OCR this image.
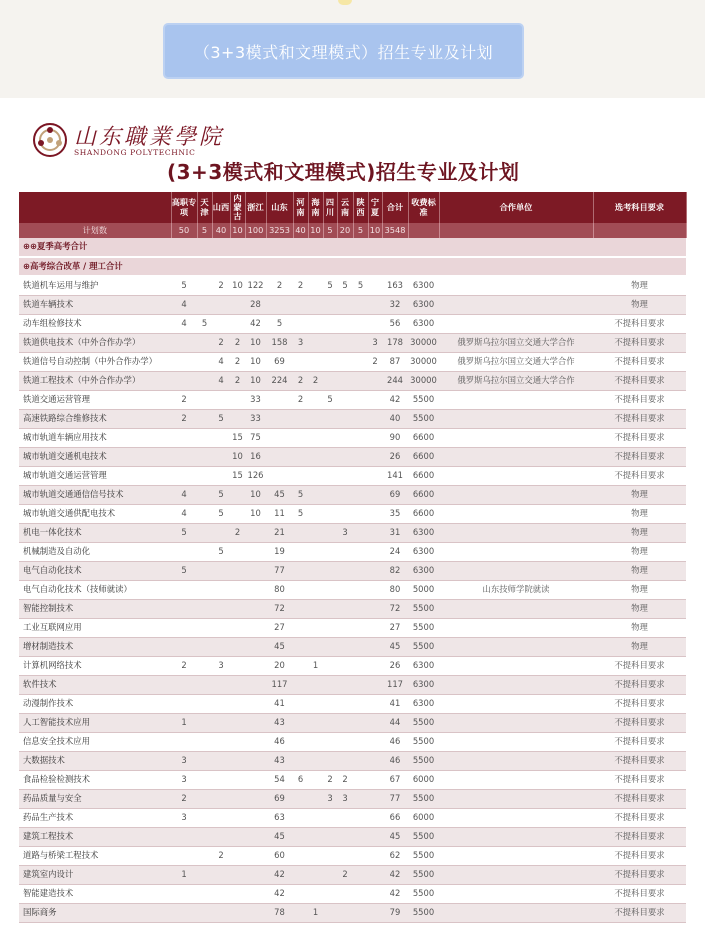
（3+3模式和文理模式）招生专业及计划
山东職業學院
SHANDONG POLYTECHNIC
(3+3模式和文理模式)招生专业及计划
	高职专项	天津	山西	内蒙古	浙江	山东	河南	海南	四川	云南	陕西	宁夏	合计	收费标准	合作单位	选考科目要求
计划数	50	5	40	10	100	3253	40	10	5	20	5	10	3548			
⊕⊕夏季高考合计																
⊕高考综合改革 / 理工合计																
铁道机车运用与维护	5		2	10	122	2	2		5	5	5		163	6300		物理
铁道车辆技术	4				28								32	6300		物理
动车组检修技术	4	5			42	5							56	6300		不提科目要求
铁道供电技术（中外合作办学）			2	2	10	158	3					3	178	30000	俄罗斯乌拉尔国立交通大学合作	不提科目要求
铁道信号自动控制（中外合作办学）			4	2	10	69						2	87	30000	俄罗斯乌拉尔国立交通大学合作	不提科目要求
铁道工程技术（中外合作办学）			4	2	10	224	2	2					244	30000	俄罗斯乌拉尔国立交通大学合作	不提科目要求
铁道交通运营管理	2				33		2		5				42	5500		不提科目要求
高速铁路综合维修技术	2		5		33								40	5500		不提科目要求
城市轨道车辆应用技术				15	75								90	6600		不提科目要求
城市轨道交通机电技术				10	16								26	6600		不提科目要求
城市轨道交通运营管理				15	126								141	6600		不提科目要求
城市轨道交通通信信号技术	4		5		10	45	5						69	6600		物理
城市轨道交通供配电技术	4		5		10	11	5						35	6600		物理
机电一体化技术	5			2		21				3			31	6300		物理
机械制造及自动化			5			19							24	6300		物理
电气自动化技术	5					77							82	6300		物理
电气自动化技术（技师就读）						80							80	5000	山东技师学院就读	物理
智能控制技术						72							72	5500		物理
工业互联网应用						27							27	5500		物理
增材制造技术						45							45	5500		物理
计算机网络技术	2		3			20		1					26	6300		不提科目要求
软件技术						117							117	6300		不提科目要求
动漫制作技术						41							41	6300		不提科目要求
人工智能技术应用	1					43							44	5500		不提科目要求
信息安全技术应用						46							46	5500		不提科目要求
大数据技术	3					43							46	5500		不提科目要求
食品检验检测技术	3					54	6		2	2			67	6000		不提科目要求
药品质量与安全	2					69			3	3			77	5500		不提科目要求
药品生产技术	3					63							66	6000		不提科目要求
建筑工程技术						45							45	5500		不提科目要求
道路与桥梁工程技术			2			60							62	5500		不提科目要求
建筑室内设计	1					42				2			42	5500		不提科目要求
智能建造技术						42							42	5500		不提科目要求
国际商务						78		1					79	5500		不提科目要求
